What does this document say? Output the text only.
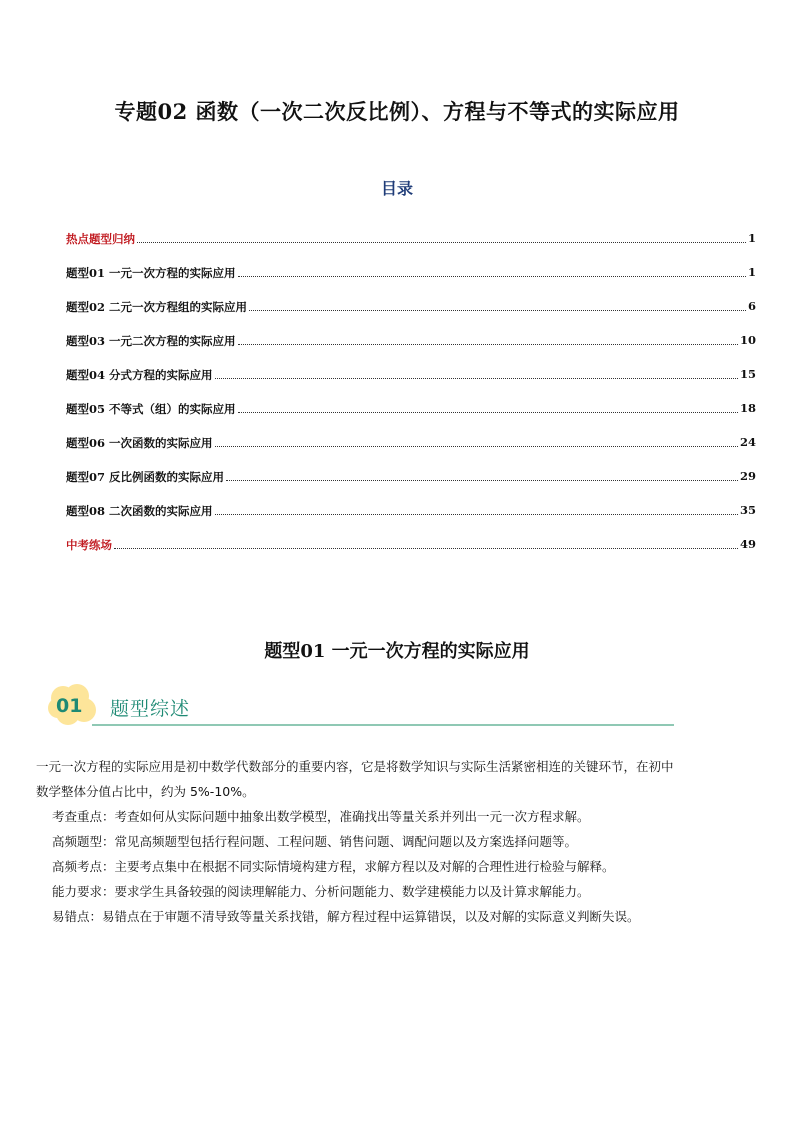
专题02 函数（一次二次反比例）、方程与不等式的实际应用
目录
热点题型归纳	1
题型01 一元一次方程的实际应用	1
题型02 二元一次方程组的实际应用	6
题型03 一元二次方程的实际应用	10
题型04 分式方程的实际应用	15
题型05 不等式（组）的实际应用	18
题型06 一次函数的实际应用	24
题型07 反比例函数的实际应用	29
题型08 二次函数的实际应用	35
中考练场	49
题型01 一元一次方程的实际应用
01 题型综述

一元一次方程的实际应用是初中数学代数部分的重要内容，它是将数学知识与实际生活紧密相连的关键环节，在初中

数学整体分值占比中，约为 5%-10%。

考查重点：考查如何从实际问题中抽象出数学模型，准确找出等量关系并列出一元一次方程求解。

高频题型：常见高频题型包括行程问题、工程问题、销售问题、调配问题以及方案选择问题等。

高频考点：主要考点集中在根据不同实际情境构建方程，求解方程以及对解的合理性进行检验与解释。

能力要求：要求学生具备较强的阅读理解能力、分析问题能力、数学建模能力以及计算求解能力。

易错点：易错点在于审题不清导致等量关系找错，解方程过程中运算错误，以及对解的实际意义判断失误。
